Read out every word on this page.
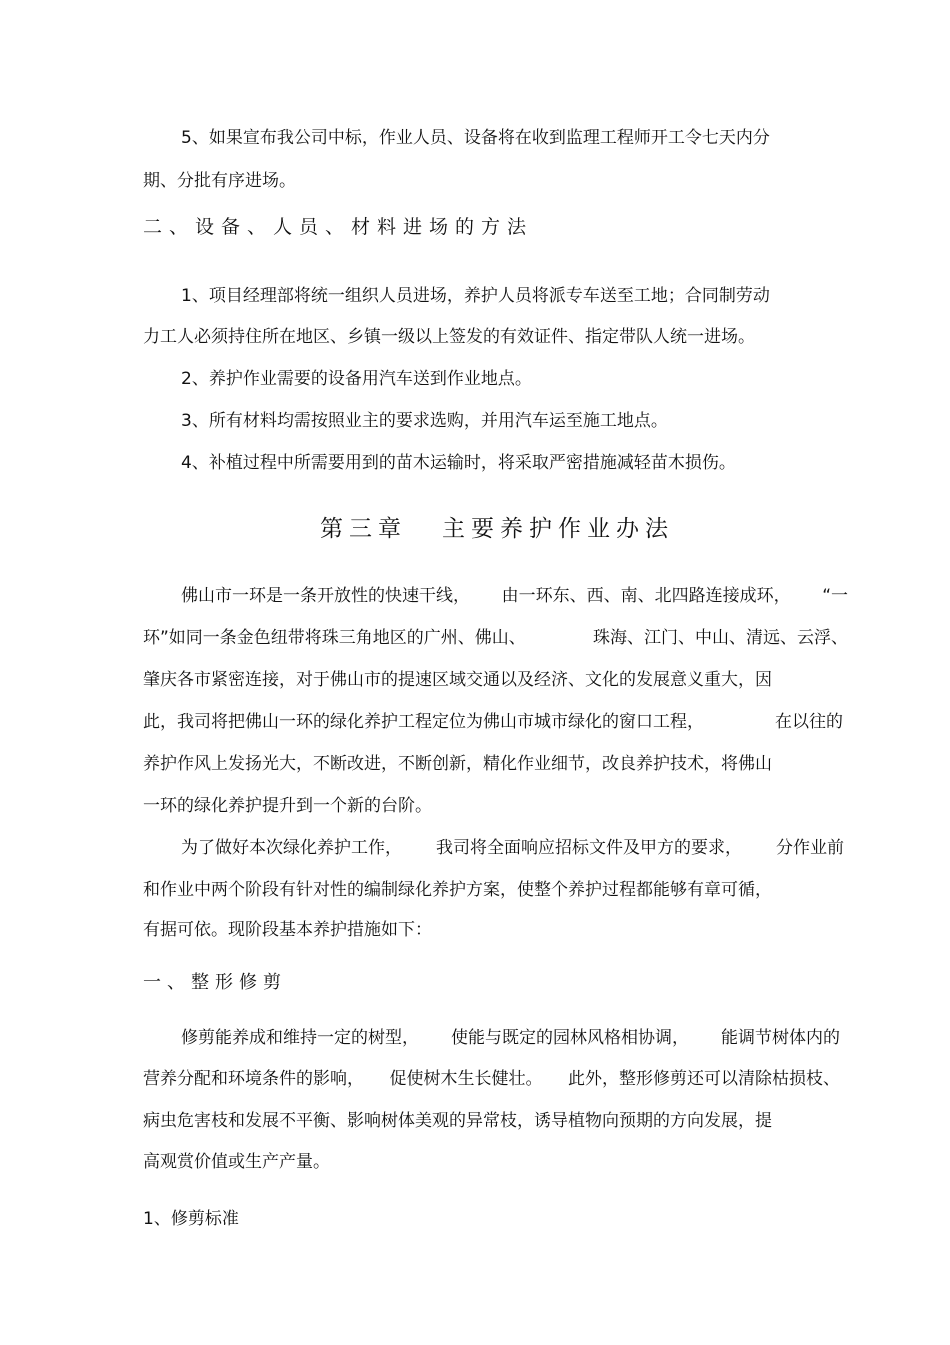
5、如果宣布我公司中标，作业人员、设备将在收到监理工程师开工令七天内分
期、分批有序进场。
二、设备、人员、材料进场的方法
1、项目经理部将统一组织人员进场，养护人员将派专车送至工地；合同制劳动
力工人必须持住所在地区、乡镇一级以上签发的有效证件、指定带队人统一进场。
2、养护作业需要的设备用汽车送到作业地点。
3、所有材料均需按照业主的要求选购，并用汽车运至施工地点。
4、补植过程中所需要用到的苗木运输时，将采取严密措施减轻苗木损伤。
第三章 主要养护作业办法
佛山市一环是一条开放性的快速干线， 由一环东、西、南、北四路连接成环， “一
环”如同一条金色纽带将珠三角地区的广州、佛山、	珠海、江门、中山、清远、云浮、
肇庆各市紧密连接，对于佛山市的提速区域交通以及经济、文化的发展意义重大，因
此，我司将把佛山一环的绿化养护工程定位为佛山市城市绿化的窗口工程，	在以往的
养护作风上发扬光大，不断改进，不断创新，精化作业细节，改良养护技术，将佛山
一环的绿化养护提升到一个新的台阶。
为了做好本次绿化养护工作， 我司将全面响应招标文件及甲方的要求， 分作业前
和作业中两个阶段有针对性的编制绿化养护方案，使整个养护过程都能够有章可循，
有据可依。现阶段基本养护措施如下：
一、整形修剪
修剪能养成和维持一定的树型， 使能与既定的园林风格相协调， 能调节树体内的
营养分配和环境条件的影响， 促使树木生长健壮。 此外，整形修剪还可以清除枯损枝、
病虫危害枝和发展不平衡、影响树体美观的异常枝，诱导植物向预期的方向发展，提
高观赏价值或生产产量。
1、修剪标准
